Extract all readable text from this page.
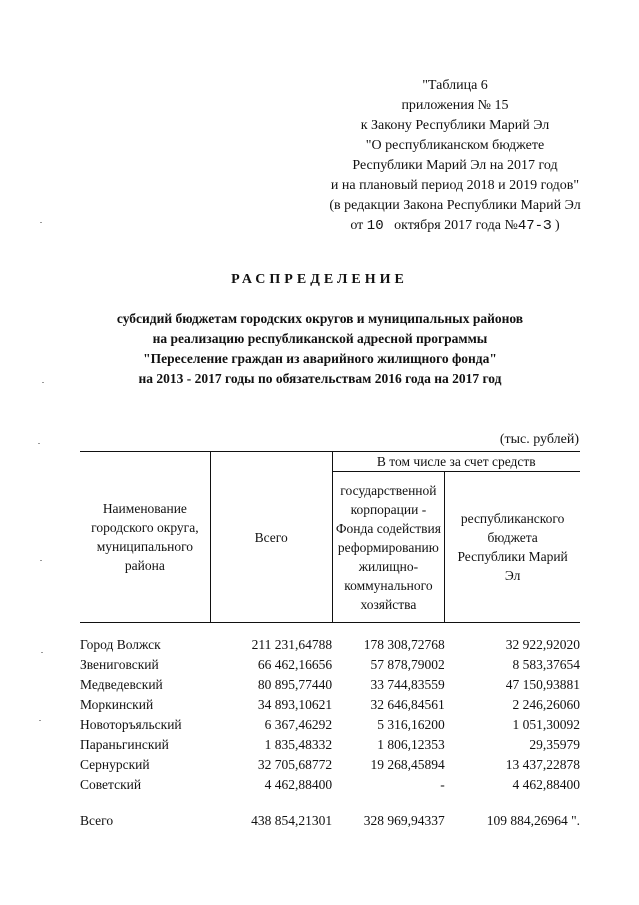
"Таблица 6
приложения № 15
к Закону Республики Марий Эл
"О республиканском бюджете
Республики Марий Эл на 2017 год
и на плановый период 2018 и 2019 годов"
(в редакции Закона Республики Марий Эл
от 10 октября 2017 года №47-З )
РАСПРЕДЕЛЕНИЕ
субсидий бюджетам городских округов и муниципальных районов
на реализацию республиканской адресной программы
"Переселение граждан из аварийного жилищного фонда"
на 2013 - 2017 годы по обязательствам 2016 года на 2017 год
(тыс. рублей)
Наименование городского округа, муниципального района	Всего	В том числе за счет средств	

		государственной корпорации - Фонда содействия реформированию жилищно-коммунального хозяйства	республиканского бюджета Республики Марий Эл

Город Волжск	211 231,64788	178 308,72768	32 922,92020
Звениговский	66 462,16656	57 878,79002	8 583,37654
Медведевский	80 895,77440	33 744,83559	47 150,93881
Моркинский	34 893,10621	32 646,84561	2 246,26060
Новоторъяльский	6 367,46292	5 316,16200	1 051,30092
Параньгинский	1 835,48332	1 806,12353	29,35979
Сернурский	32 705,68772	19 268,45894	13 437,22878
Советский	4 462,88400	-	4 462,88400

Всего	438 854,21301	328 969,94337	109 884,26964 ".
